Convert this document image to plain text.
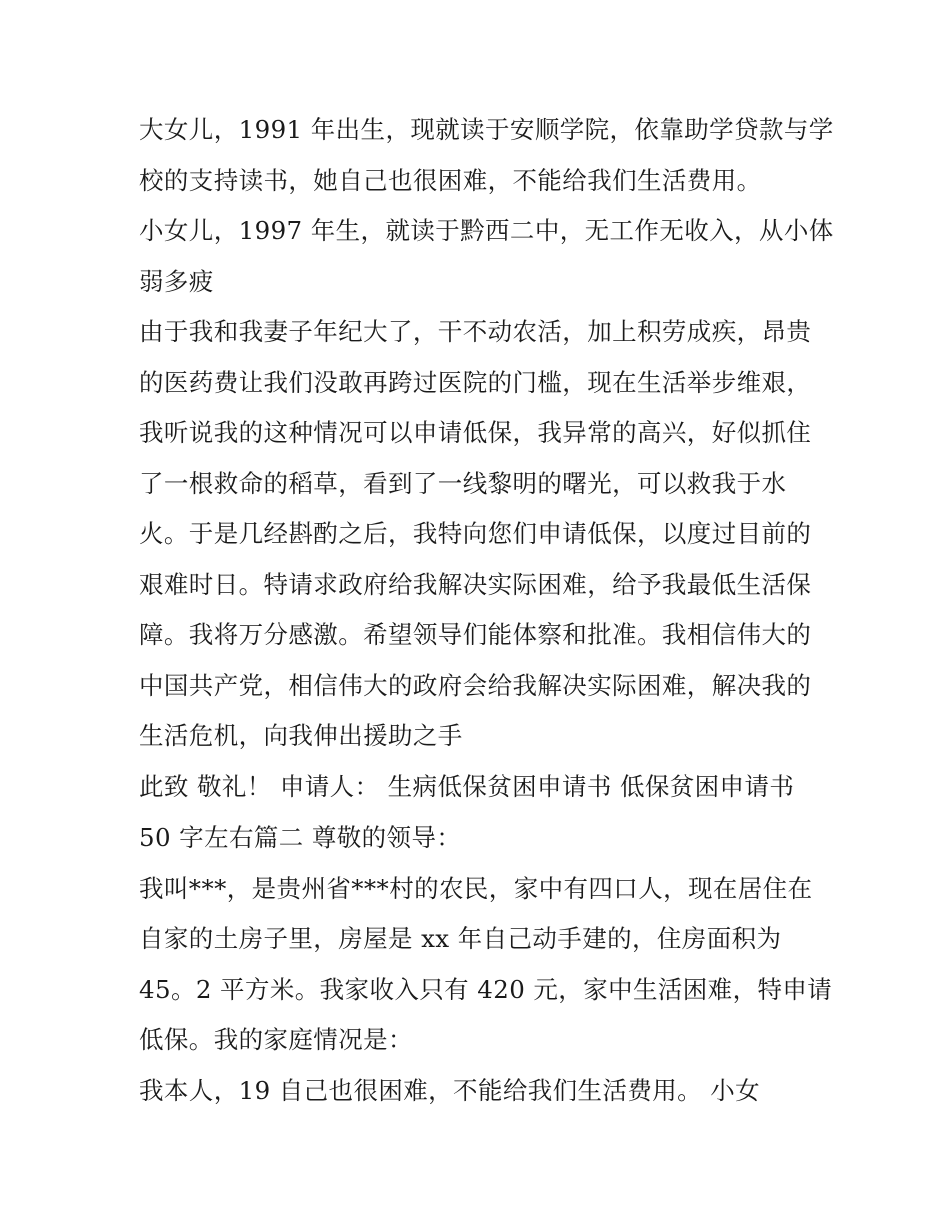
大女儿，1991 年出生，现就读于安顺学院，依靠助学贷款与学
校的支持读书，她自己也很困难，不能给我们生活费用。
小女儿，1997 年生，就读于黔西二中，无工作无收入，从小体
弱多疲
由于我和我妻子年纪大了，干不动农活，加上积劳成疾，昂贵
的医药费让我们没敢再跨过医院的门槛，现在生活举步维艰，
我听说我的这种情况可以申请低保，我异常的高兴，好似抓住
了一根救命的稻草，看到了一线黎明的曙光，可以救我于水
火。于是几经斟酌之后，我特向您们申请低保，以度过目前的
艰难时日。特请求政府给我解决实际困难，给予我最低生活保
障。我将万分感激。希望领导们能体察和批准。我相信伟大的
中国共产党，相信伟大的政府会给我解决实际困难，解决我的
生活危机，向我伸出援助之手
此致 敬礼！ 申请人： 生病低保贫困申请书 低保贫困申请书
50 字左右篇二 尊敬的领导：
我叫***，是贵州省***村的农民，家中有四口人，现在居住在
自家的土房子里，房屋是 xx 年自己动手建的，住房面积为
45。2 平方米。我家收入只有 420 元，家中生活困难，特申请
低保。我的家庭情况是：
我本人，19 自己也很困难，不能给我们生活费用。 小女
